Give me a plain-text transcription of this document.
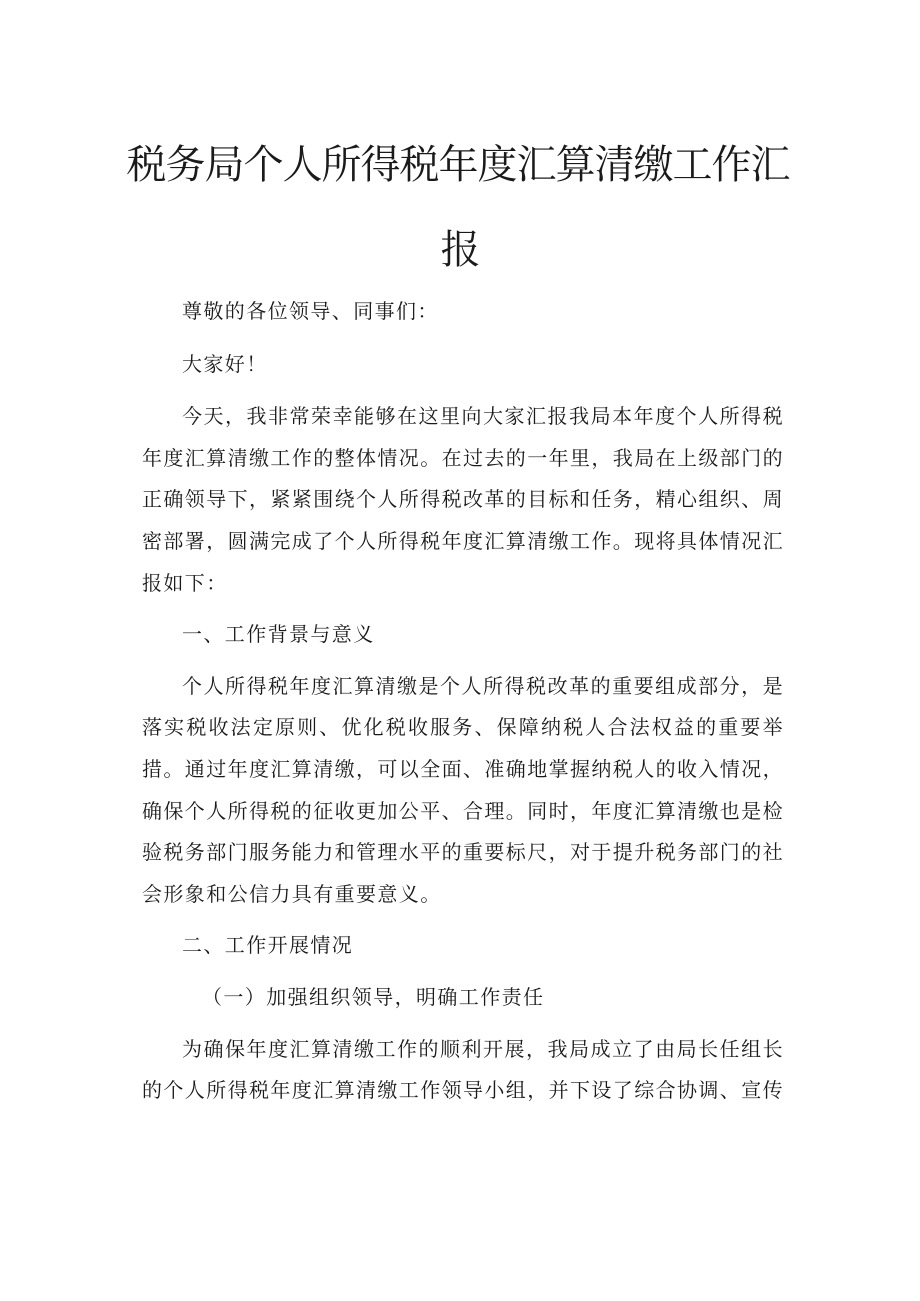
税务局个人所得税年度汇算清缴工作汇
报

尊敬的各位领导、同事们：

大家好！

今天，我非常荣幸能够在这里向大家汇报我局本年度个人所得税年度汇算清缴工作的整体情况。在过去的一年里，我局在上级部门的正确领导下，紧紧围绕个人所得税改革的目标和任务，精心组织、周密部署，圆满完成了个人所得税年度汇算清缴工作。现将具体情况汇报如下：

一、工作背景与意义

个人所得税年度汇算清缴是个人所得税改革的重要组成部分，是落实税收法定原则、优化税收服务、保障纳税人合法权益的重要举措。通过年度汇算清缴，可以全面、准确地掌握纳税人的收入情况，确保个人所得税的征收更加公平、合理。同时，年度汇算清缴也是检验税务部门服务能力和管理水平的重要标尺，对于提升税务部门的社会形象和公信力具有重要意义。

二、工作开展情况

（一）加强组织领导，明确工作责任

为确保年度汇算清缴工作的顺利开展，我局成立了由局长任组长的个人所得税年度汇算清缴工作领导小组，并下设了综合协调、宣传
